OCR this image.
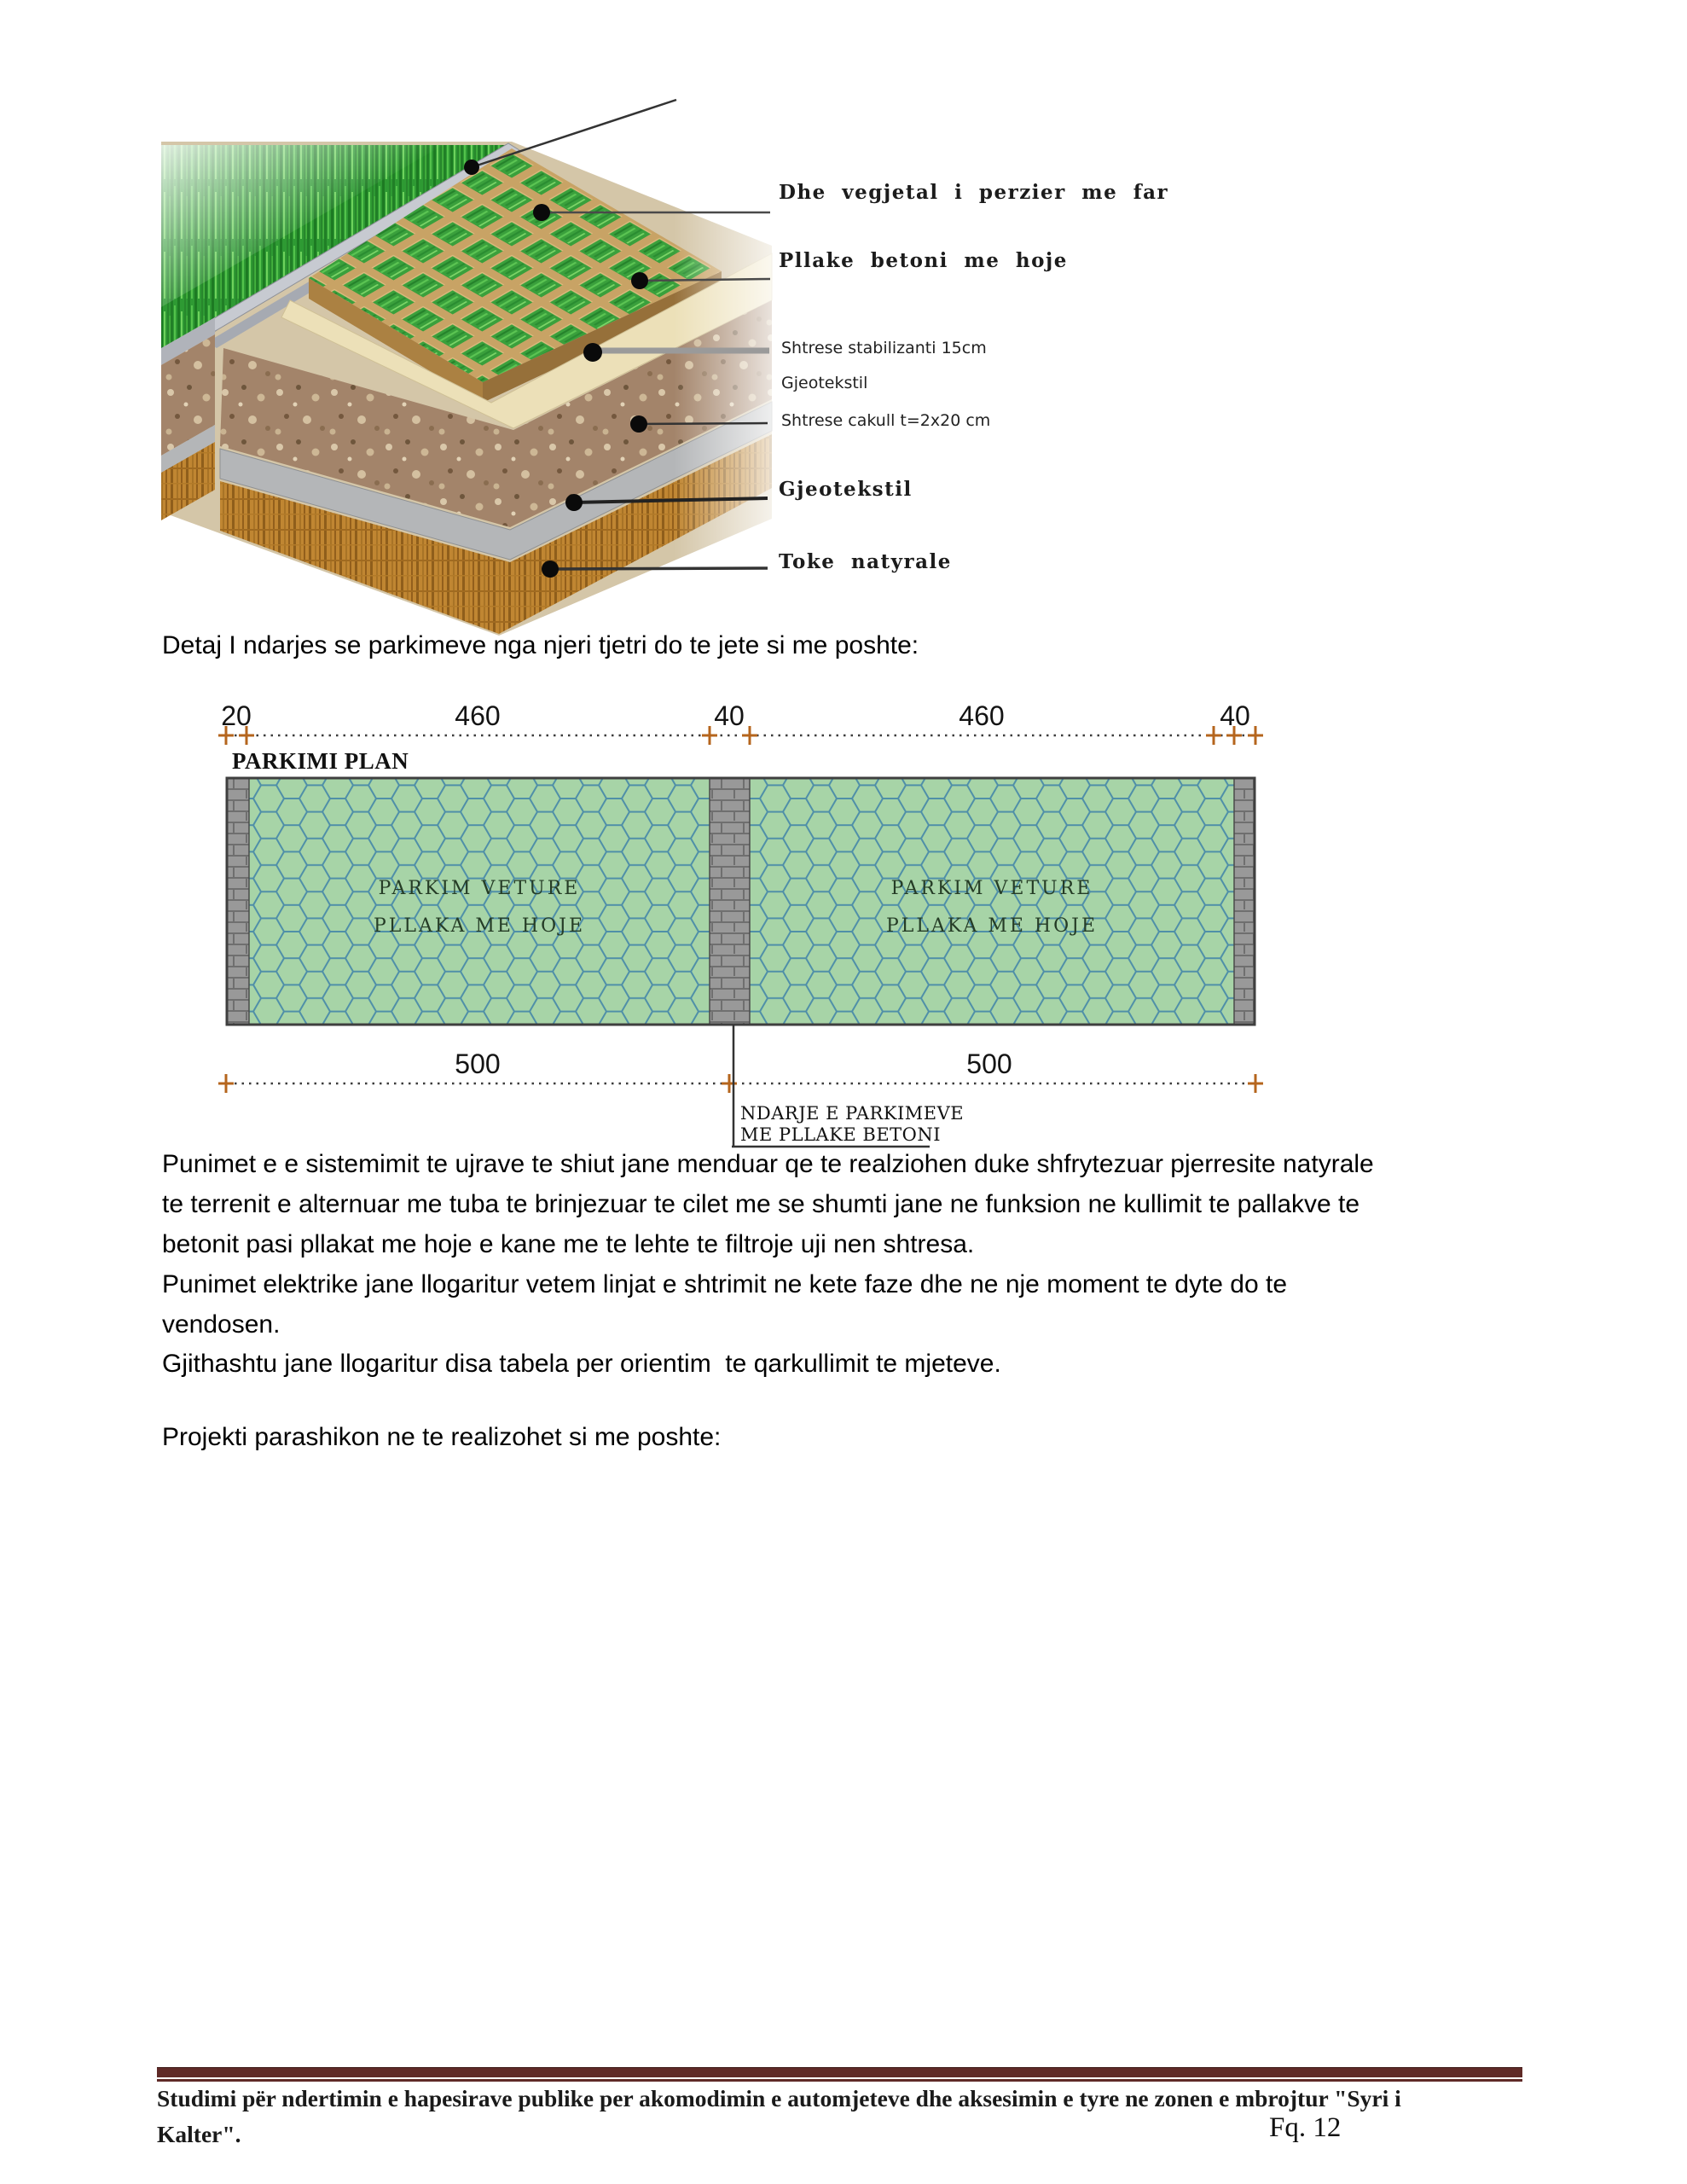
Dhe vegjetal i perzier me far
Pllake betoni me hoje
Shtrese stabilizanti 15cm
Gjeotekstil
Shtrese cakull t=2x20 cm
Gjeotekstil
Toke natyrale
Detaj I ndarjes se parkimeve nga njeri tjetri do te jete si me poshte:
20	460	40	460	40
PARKIMI PLAN
PARKIM VETURE
PLLAKA ME HOJE
PARKIM VETURE
PLLAKA ME HOJE
500	500
NDARJE E PARKIMEVE
ME PLLAKE BETONI
Punimet e e sistemimit te ujrave te shiut jane menduar qe te realziohen duke shfrytezuar pjerresite natyrale
te terrenit e alternuar me tuba te brinjezuar te cilet me se shumti jane ne funksion ne kullimit te pallakve te
betonit pasi pllakat me hoje e kane me te lehte te filtroje uji nen shtresa.
Punimet elektrike jane llogaritur vetem linjat e shtrimit ne kete faze dhe ne nje moment te dyte do te
vendosen.
Gjithashtu jane llogaritur disa tabela per orientim  te qarkullimit te mjeteve.
Projekti parashikon ne te realizohet si me poshte:
Studimi për ndertimin e hapesirave publike per akomodimin e automjeteve dhe aksesimin e tyre ne zonen e mbrojtur "Syri i
Kalter".	Fq. 12
